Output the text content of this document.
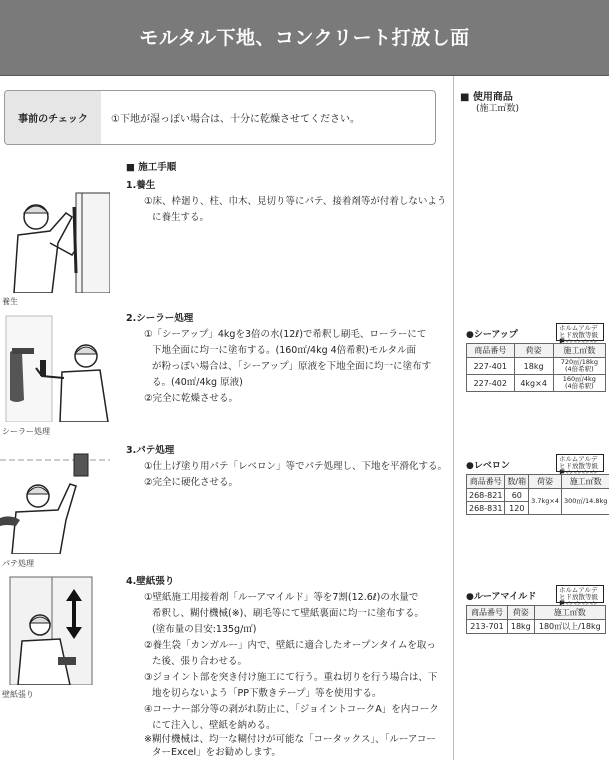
モルタル下地、コンクリート打放し面
事前のチェック	①下地が湿っぽい場合は、十分に乾燥させてください。
■ 施工手順
養生
1.養生
①床、枠廻り、柱、巾木、見切り等にパテ、接着剤等が付着しないよう
に養生する。
シーラー処理
2.シーラー処理
①「シーアップ」4kgを3倍の水(12ℓ)で希釈し刷毛、ローラーにて
下地全面に均一に塗布する。(160㎡/4kg 4倍希釈)モルタル面
が粉っぽい場合は、「シーアップ」原液を下地全面に均一に塗布す
る。(40㎡/4kg 原液)
②完全に乾燥させる。
パテ処理
3.パテ処理
①仕上げ塗り用パテ「レベロン」等でパテ処理し、下地を平滑化する。
②完全に硬化させる。
壁紙張り
4.壁紙張り
①壁紙施工用接着剤「ルーアマイルド」等を7割(12.6ℓ)の水量で
希釈し、糊付機械(※)、刷毛等にて壁紙裏面に均一に塗布する。
(塗布量の目安:135g/㎡)
②養生袋「カンガルー」内で、壁紙に適合したオープンタイムを取っ
た後、張り合わせる。
③ジョイント部を突き付け施工にて行う。重ね切りを行う場合は、下
地を切らないよう「PP下敷きテープ」等を使用する。
④コーナー部分等の剥がれ防止に、「ジョイントコークA」を内コーク
にて注入し、壁紙を納める。
※糊付機械は、均一な糊付けが可能な「コータックス」、「ルーアコー
ターExcel」をお勧めします。
■ 使用商品
(施工㎡数)
ホルムアルデヒド放散等級
●シーアップ
商品番号	荷姿	施工㎡数
227-401	18kg	720㎡/18kg
(4倍希釈)

227-402	4kg×4	160㎡/4kg
(4倍希釈)
ホルムアルデヒド放散等級
●レベロン
商品番号	数/箱	荷姿	施工㎡数
268-821	60	3.7kg×4	300㎡/14.8kg
268-831	120		
ホルムアルデヒド放散等級
●ルーアマイルド
商品番号	荷姿	施工㎡数
213-701	18kg	180㎡以上/18kg
